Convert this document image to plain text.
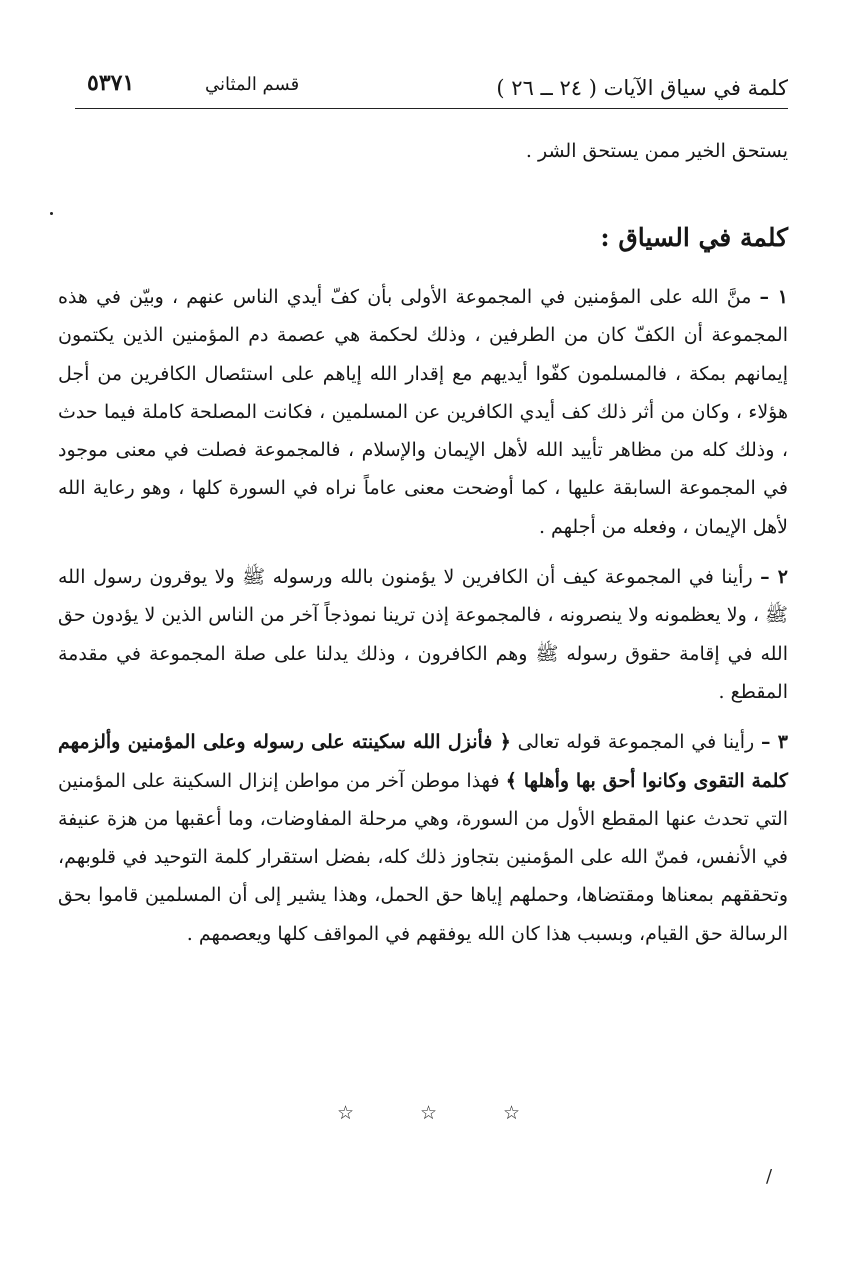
كلمة في سياق الآيات ( ٢٤ ــ ٢٦ )
قسم المثاني
٥٣٧١

يستحق الخير ممن يستحق الشر .

كلمة في السياق :

١ – منَّ الله على المؤمنين في المجموعة الأولى بأن كفّ أيدي الناس عنهم ، وبيّن في هذه المجموعة أن الكفّ كان من الطرفين ، وذلك لحكمة هي عصمة دم المؤمنين الذين يكتمون إيمانهم بمكة ، فالمسلمون كفّوا أيديهم مع إقدار الله إياهم على استئصال الكافرين من أجل هؤلاء ، وكان من أثر ذلك كف أيدي الكافرين عن المسلمين ، فكانت المصلحة كاملة فيما حدث ، وذلك كله من مظاهر تأييد الله لأهل الإيمان والإسلام ، فالمجموعة فصلت في معنى موجود في المجموعة السابقة عليها ، كما أوضحت معنى عاماً نراه في السورة كلها ، وهو رعاية الله لأهل الإيمان ، وفعله من أجلهم .

٢ – رأينا في المجموعة كيف أن الكافرين لا يؤمنون بالله ورسوله ﷺ ولا يوقرون رسول الله ﷺ ، ولا يعظمونه ولا ينصرونه ، فالمجموعة إذن ترينا نموذجاً آخر من الناس الذين لا يؤدون حق الله في إقامة حقوق رسوله ﷺ وهم الكافرون ، وذلك يدلنا على صلة المجموعة في مقدمة المقطع .

٣ – رأينا في المجموعة قوله تعالى ﴿ فأنزل الله سكينته على رسوله وعلى المؤمنين وألزمهم كلمة التقوى وكانوا أحق بها وأهلها ﴾ فهذا موطن آخر من مواطن إنزال السكينة على المؤمنين التي تحدث عنها المقطع الأول من السورة، وهي مرحلة المفاوضات، وما أعقبها من هزة عنيفة في الأنفس، فمنّ الله على المؤمنين بتجاوز ذلك كله، بفضل استقرار كلمة التوحيد في قلوبهم، وتحققهم بمعناها ومقتضاها، وحملهم إياها حق الحمل، وهذا يشير إلى أن المسلمين قاموا بحق الرسالة حق القيام، وبسبب هذا كان الله يوفقهم في المواقف كلها ويعصمهم .

☆	☆	☆
/
